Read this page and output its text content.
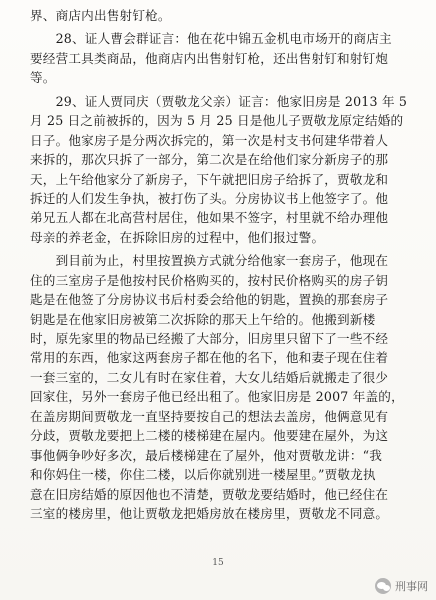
界、商店内出售射钉枪。
　　28、证人曹会群证言：他在花中锦五金机电市场开的商店主
要经营工具类商品，他商店内出售射钉枪，还出售射钉和射钉炮
等。
　　29、证人贾同庆（贾敬龙父亲）证言：他家旧房是 2013 年 5
月 25 日之前被拆的，因为 5 月 25 日是他儿子贾敬龙原定结婚的
日子。他家房子是分两次拆完的，第一次是村支书何建华带着人
来拆的，那次只拆了一部分，第二次是在给他们家分新房子的那
天，上午给他家分了新房子，下午就把旧房子给拆了，贾敬龙和
拆迁的人们发生争执，被打伤了头。分房协议书上他签字了。他
弟兄五人都在北高营村居住，他如果不签字，村里就不给办理他
母亲的养老金，在拆除旧房的过程中，他们报过警。
　　到目前为止，村里按置换方式就分给他家一套房子，他现在
住的三室房子是他按村民价格购买的，按村民价格购买的房子钥
匙是在他签了分房协议书后村委会给他的钥匙，置换的那套房子
钥匙是在他家旧房被第二次拆除的那天上午给的。他搬到新楼
时，原先家里的物品已经搬了大部分，旧房里只留下了一些不经
常用的东西，他家这两套房子都在他的名下，他和妻子现在住着
一套三室的，二女儿有时在家住着，大女儿结婚后就搬走了很少
回家住，另外一套房子他已经出租了。他家旧房是 2007 年盖的，
在盖房期间贾敬龙一直坚持要按自己的想法去盖房，他俩意见有
分歧，贾敬龙要把上二楼的楼梯建在屋内。他要建在屋外，为这
事他俩争吵好多次，最后楼梯建在了屋外，他对贾敬龙讲：“我
和你妈住一楼，你住二楼，以后你就别进一楼屋里。”贾敬龙执
意在旧房结婚的原因他也不清楚，贾敬龙要结婚时，他已经住在
三室的楼房里，他让贾敬龙把婚房放在楼房里，贾敬龙不同意。
15
刑事网
